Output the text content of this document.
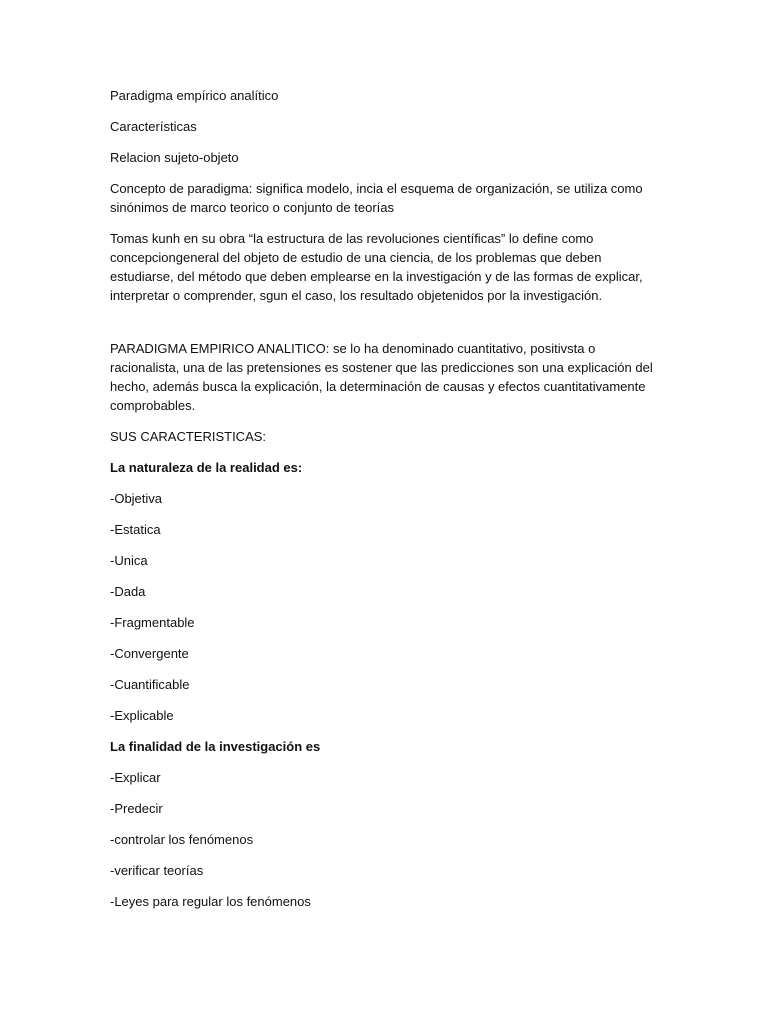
Paradigma empírico analítico

Características

Relacion sujeto-objeto

Concepto de paradigma: significa modelo, incia el esquema de organización, se utiliza como sinónimos de marco teorico o conjunto de teorías

Tomas kunh en su obra “la estructura de las revoluciones científicas” lo define como concepciongeneral del objeto de estudio de una ciencia, de los problemas que deben estudiarse, del método que deben emplearse en la investigación y de las formas de explicar, interpretar o comprender, sgun el caso, los resultado objetenidos por la investigación.

PARADIGMA EMPIRICO ANALITICO: se lo ha denominado cuantitativo, positivsta o racionalista, una de las pretensiones es sostener que las predicciones son una explicación del hecho, además busca la explicación, la determinación de causas y efectos cuantitativamente comprobables.

SUS CARACTERISTICAS:

La naturaleza de la realidad es:

-Objetiva

-Estatica

-Unica

-Dada

-Fragmentable

-Convergente

-Cuantificable

-Explicable

La finalidad de la investigación es

-Explicar

-Predecir

-controlar los fenómenos

-verificar teorías

-Leyes para regular los fenómenos
